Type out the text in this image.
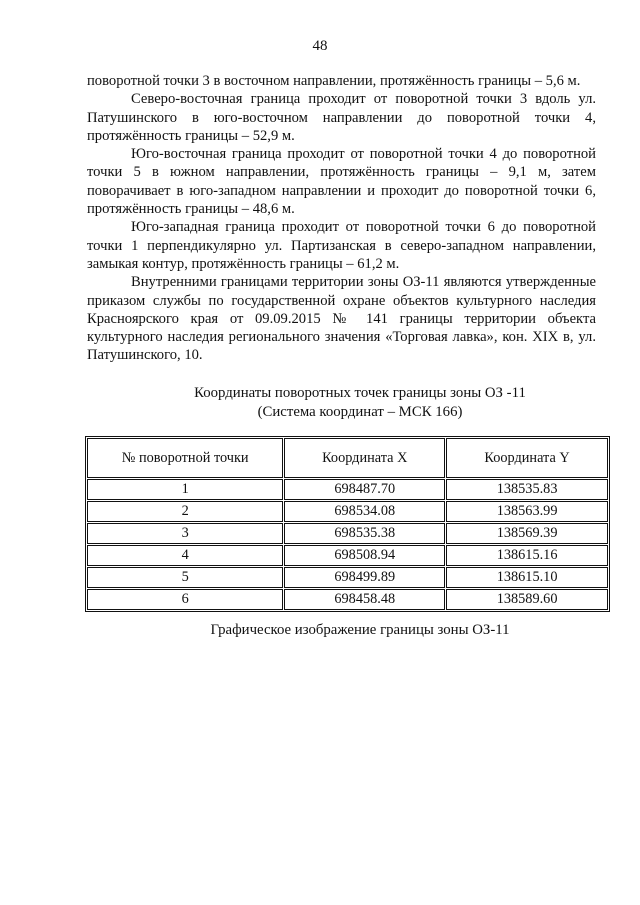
48

поворотной точки 3 в восточном направлении, протяжённость границы – 5,6 м.

Северо-восточная граница проходит от поворотной точки 3 вдоль ул. Патушинского в юго-восточном направлении до поворотной точки 4, протяжённость границы – 52,9 м.

Юго-восточная граница проходит от поворотной точки 4 до поворотной точки 5 в южном направлении, протяжённость границы – 9,1 м, затем поворачивает в юго-западном направлении и проходит до поворотной точки 6, протяжённость границы – 48,6 м.

Юго-западная граница проходит от поворотной точки 6 до поворотной точки 1 перпендикулярно ул. Партизанская в северо-западном направлении, замыкая контур, протяжённость границы – 61,2 м.

Внутренними границами территории зоны ОЗ-11 являются утвержденные приказом службы по государственной охране объектов культурного наследия Красноярского края от 09.09.2015 № 141 границы территории объекта культурного наследия регионального значения «Торговая лавка», кон. XIX в, ул. Патушинского, 10.

Координаты поворотных точек границы зоны ОЗ -11
(Система координат – МСК 166)
№ поворотной точки	Координата X	Координата Y
1	698487.70	138535.83
2	698534.08	138563.99
3	698535.38	138569.39
4	698508.94	138615.16
5	698499.89	138615.10
6	698458.48	138589.60
Графическое изображение границы зоны ОЗ-11
